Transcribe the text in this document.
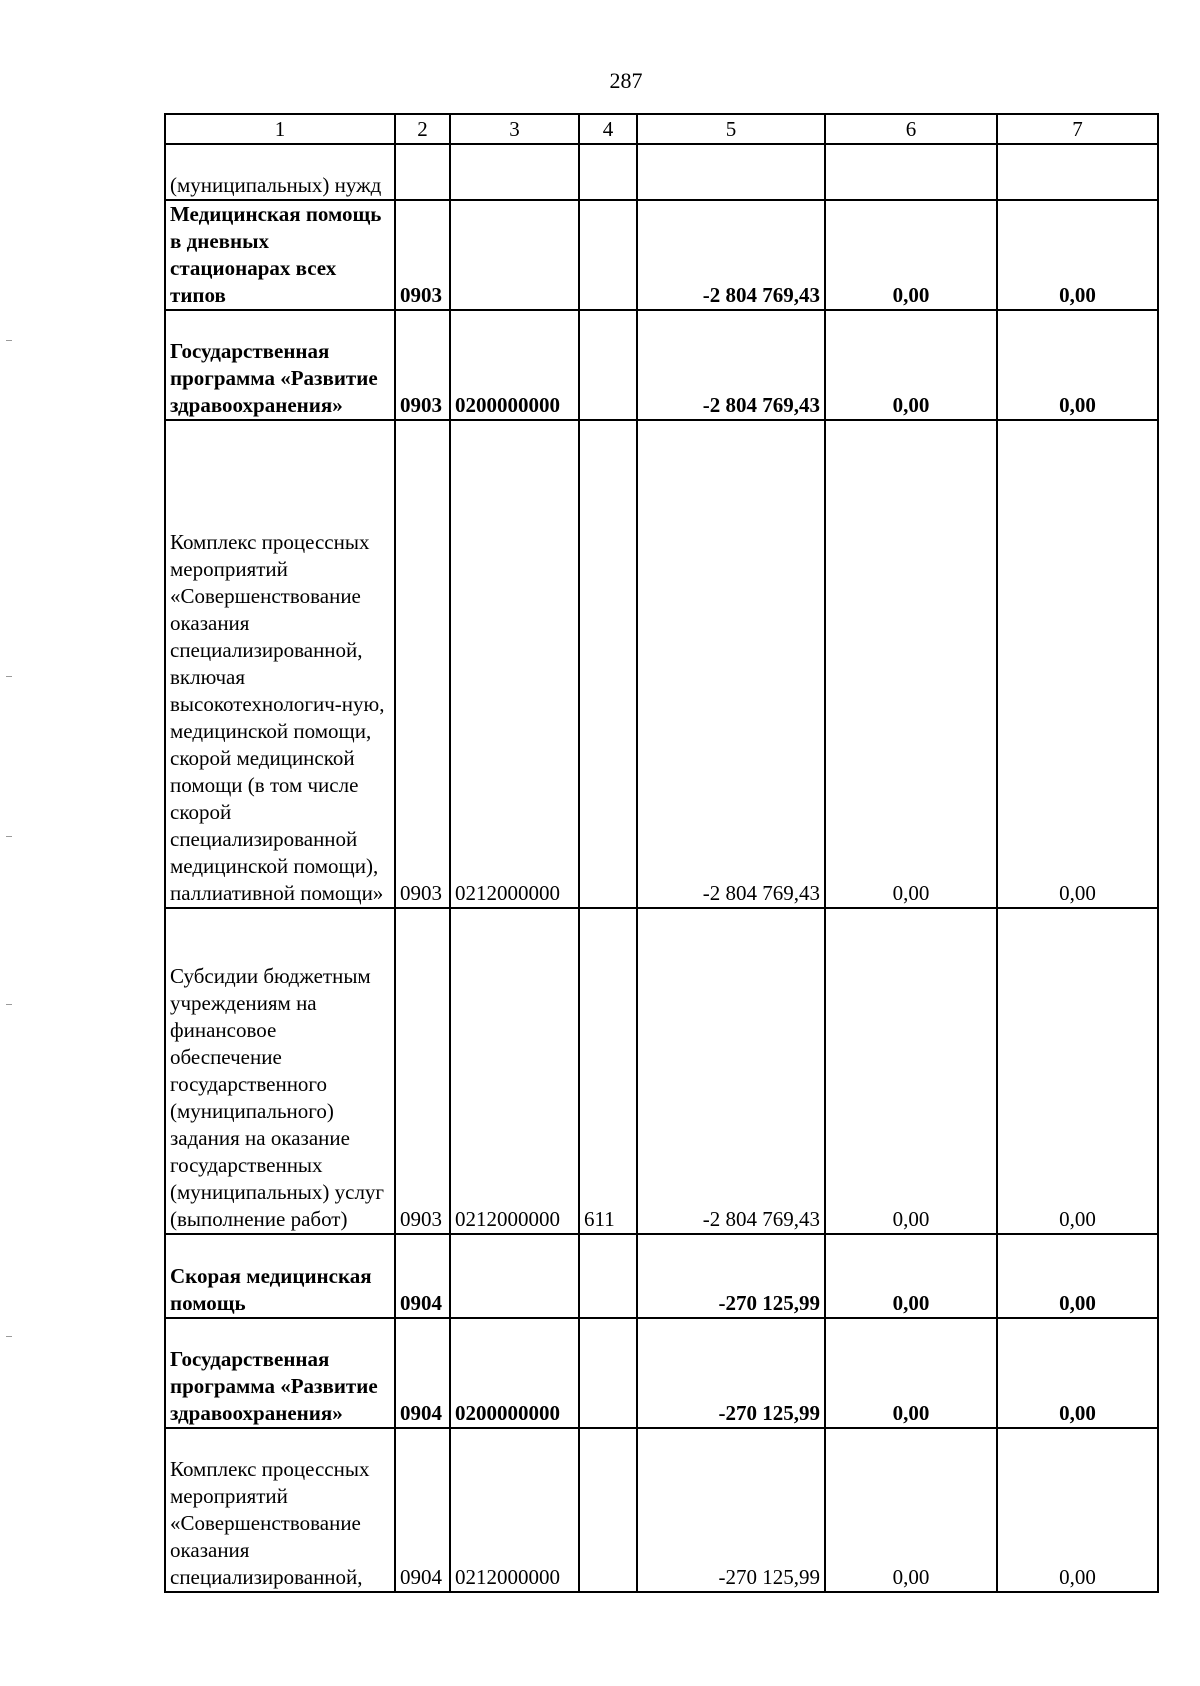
287
1	2	3	4	5	6	7
(муниципальных) нужд						
Медицинская помощь в дневных стационарах всех типов	0903			-2 804 769,43	0,00	0,00
Государственная программа «Развитие здравоохранения»	0903	0200000000		-2 804 769,43	0,00	0,00
Комплекс процессных мероприятий «Совершенствование оказания специализированной, включая высокотехнологич-ную, медицинской помощи, скорой медицинской помощи (в том числе скорой специализированной медицинской помощи), паллиативной помощи»	0903	0212000000		-2 804 769,43	0,00	0,00
Субсидии бюджетным учреждениям на финансовое обеспечение государственного (муниципального) задания на оказание государственных (муниципальных) услуг (выполнение работ)	0903	0212000000	611	-2 804 769,43	0,00	0,00
Скорая медицинская помощь	0904			-270 125,99	0,00	0,00
Государственная программа «Развитие здравоохранения»	0904	0200000000		-270 125,99	0,00	0,00
Комплекс процессных мероприятий «Совершенствование оказания специализированной,	0904	0212000000		-270 125,99	0,00	0,00
